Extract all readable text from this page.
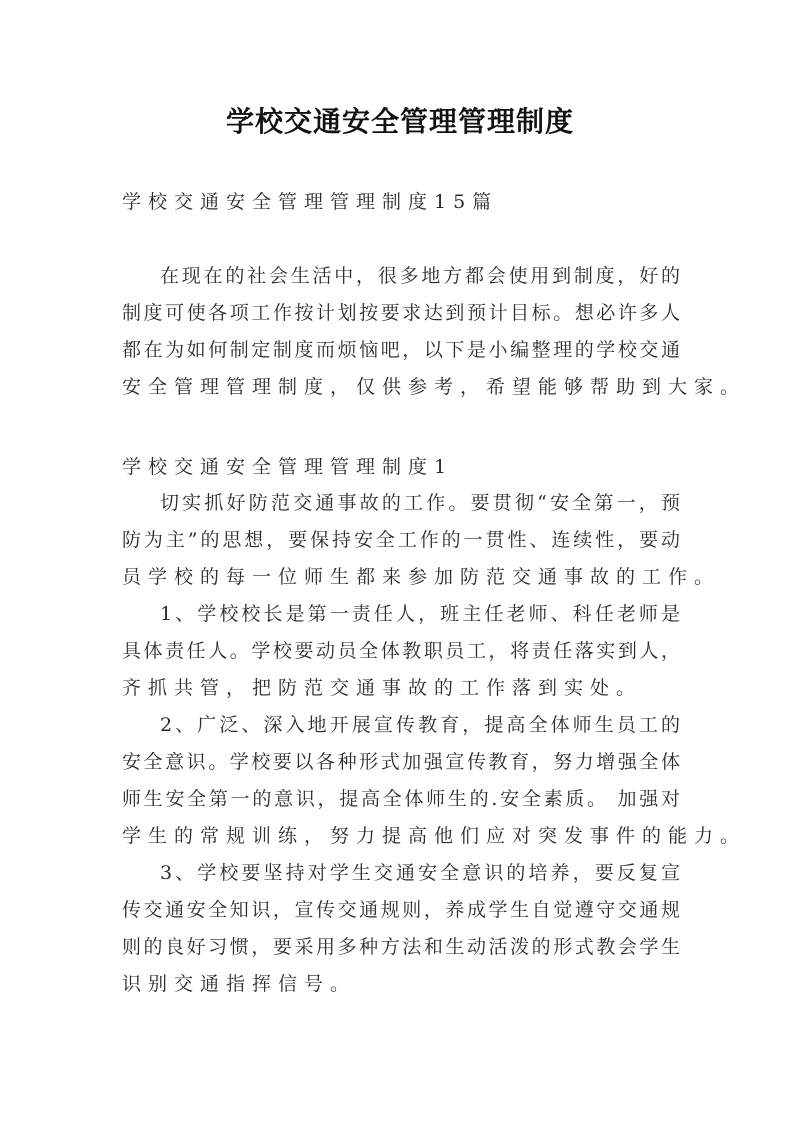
学校交通安全管理管理制度
学校交通安全管理管理制度15篇
在现在的社会生活中，很多地方都会使用到制度，好的
制度可使各项工作按计划按要求达到预计目标。想必许多人
都在为如何制定制度而烦恼吧，以下是小编整理的学校交通
安全管理管理制度，仅供参考，希望能够帮助到大家。
学校交通安全管理管理制度1
切实抓好防范交通事故的工作。要贯彻“安全第一，预
防为主”的思想，要保持安全工作的一贯性、连续性，要动
员学校的每一位师生都来参加防范交通事故的工作。
1、学校校长是第一责任人，班主任老师、科任老师是
具体责任人。学校要动员全体教职员工，将责任落实到人，
齐抓共管，把防范交通事故的工作落到实处。
2、广泛、深入地开展宣传教育，提高全体师生员工的
安全意识。学校要以各种形式加强宣传教育，努力增强全体
师生安全第一的意识，提高全体师生的.安全素质。 加强对
学生的常规训练，努力提高他们应对突发事件的能力。
3、学校要坚持对学生交通安全意识的培养，要反复宣
传交通安全知识，宣传交通规则，养成学生自觉遵守交通规
则的良好习惯，要采用多种方法和生动活泼的形式教会学生
识别交通指挥信号。
